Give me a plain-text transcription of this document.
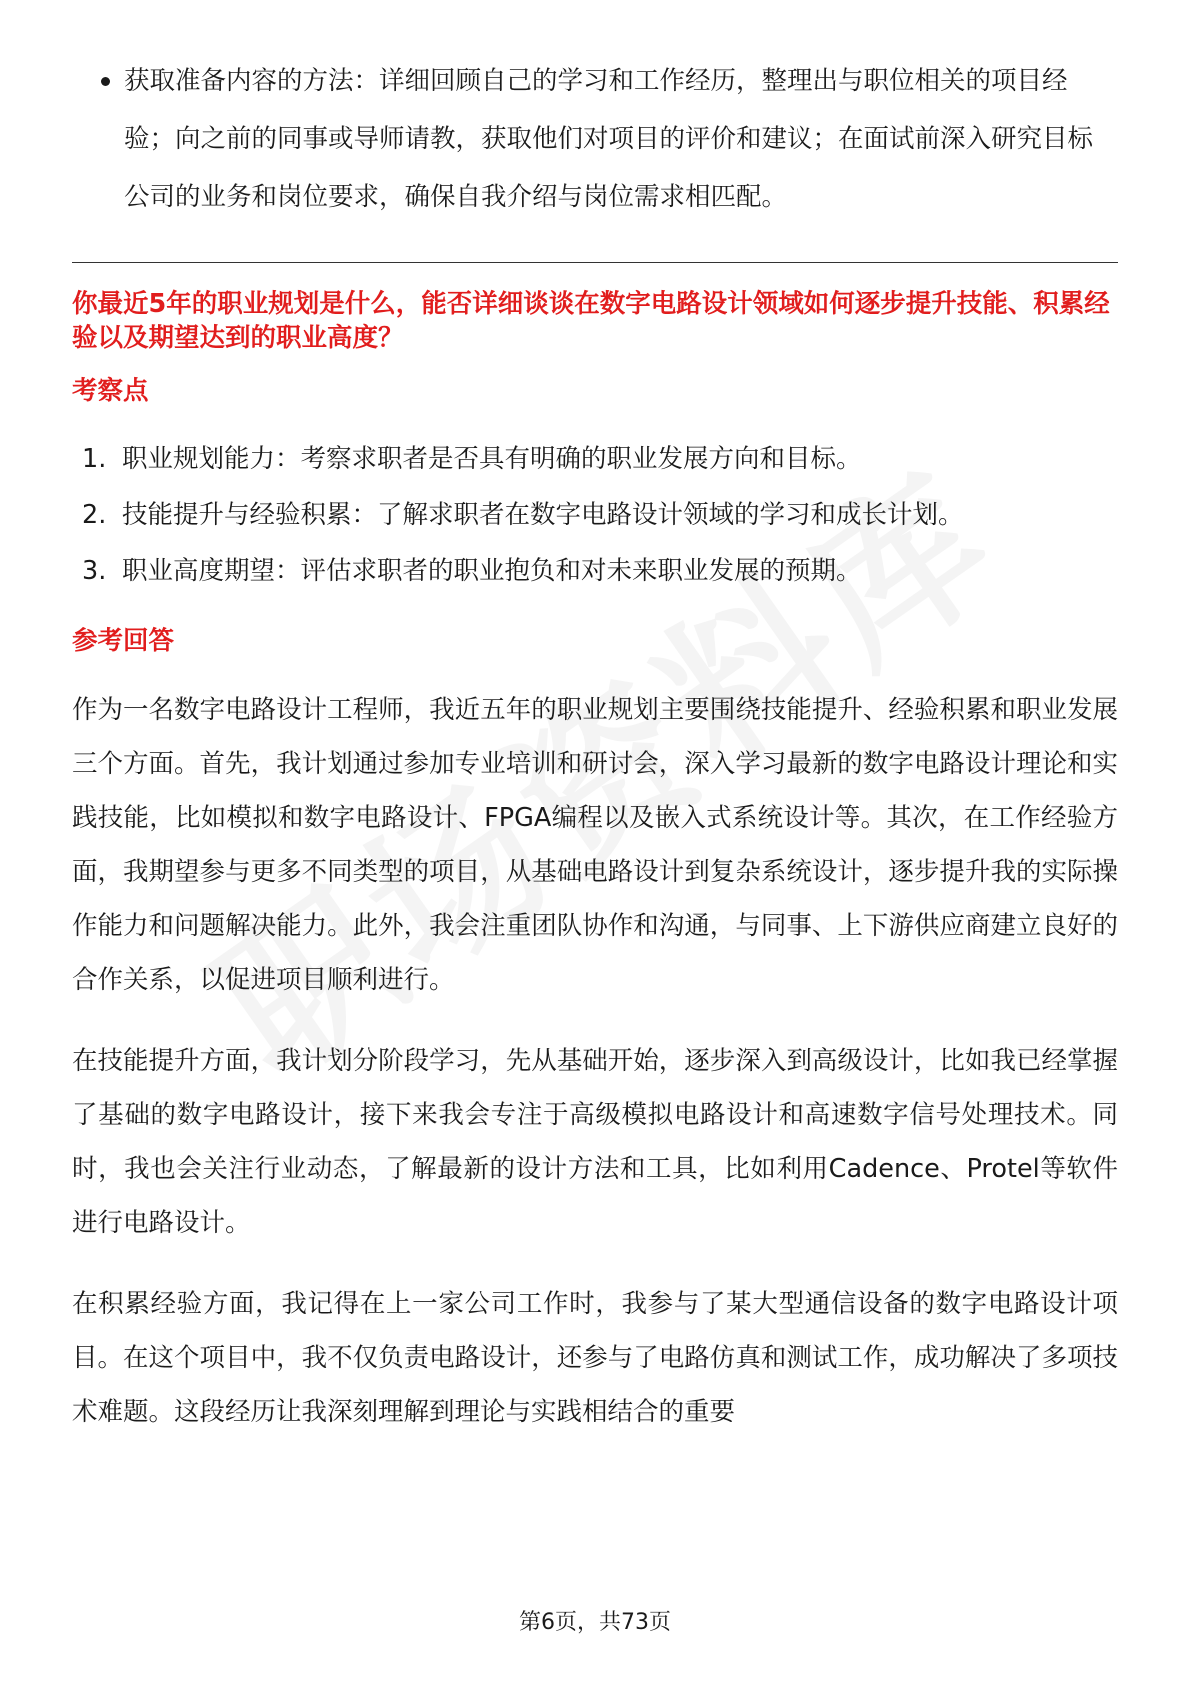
获取准备内容的方法：详细回顾自己的学习和工作经历，整理出与职位相关的项目经验；向之前的同事或导师请教，获取他们对项目的评价和建议；在面试前深入研究目标公司的业务和岗位要求，确保自我介绍与岗位需求相匹配。
你最近5年的职业规划是什么，能否详细谈谈在数字电路设计领域如何逐步提升技能、积累经验以及期望达到的职业高度？
考察点
1. 职业规划能力：考察求职者是否具有明确的职业发展方向和目标。
2. 技能提升与经验积累：了解求职者在数字电路设计领域的学习和成长计划。
3. 职业高度期望：评估求职者的职业抱负和对未来职业发展的预期。
参考回答

作为一名数字电路设计工程师，我近五年的职业规划主要围绕技能提升、经验积累和职业发展三个方面。首先，我计划通过参加专业培训和研讨会，深入学习最新的数字电路设计理论和实践技能，比如模拟和数字电路设计、FPGA编程以及嵌入式系统设计等。其次，在工作经验方面，我期望参与更多不同类型的项目，从基础电路设计到复杂系统设计，逐步提升我的实际操作能力和问题解决能力。此外，我会注重团队协作和沟通，与同事、上下游供应商建立良好的合作关系，以促进项目顺利进行。

在技能提升方面，我计划分阶段学习，先从基础开始，逐步深入到高级设计，比如我已经掌握了基础的数字电路设计，接下来我会专注于高级模拟电路设计和高速数字信号处理技术。同时，我也会关注行业动态，了解最新的设计方法和工具，比如利用Cadence、Protel等软件进行电路设计。

在积累经验方面，我记得在上一家公司工作时，我参与了某大型通信设备的数字电路设计项目。在这个项目中，我不仅负责电路设计，还参与了电路仿真和测试工作，成功解决了多项技术难题。这段经历让我深刻理解到理论与实践相结合的重要

第6页，共73页
